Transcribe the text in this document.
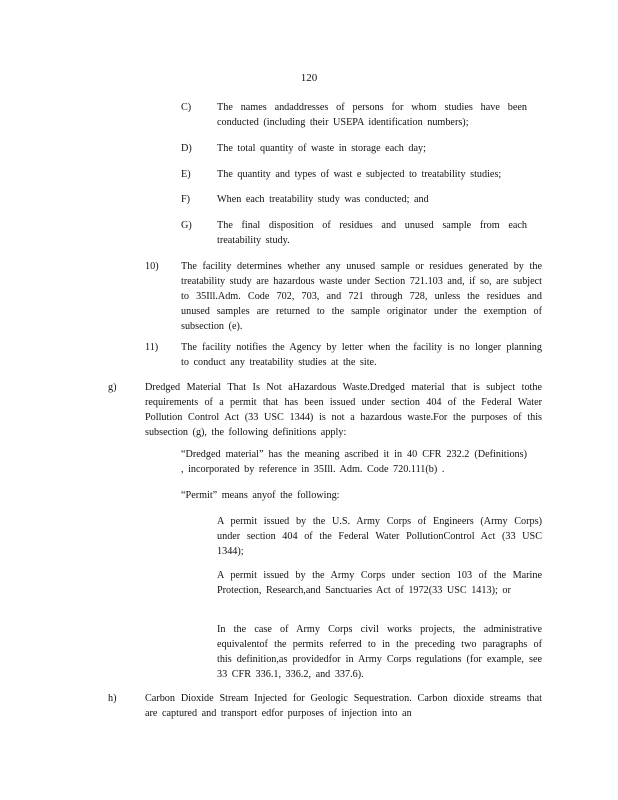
120
C)	The names andaddresses of persons for whom studies have been conducted (including their USEPA identification numbers);
D)	The total quantity of waste in storage each day;
E)	The quantity and types of wast e subjected to treatability studies;
F)	When each treatability study was conducted; and
G)	The final disposition of residues and unused sample from each treatability study.
10)	The facility determines whether any unused sample or residues generated by the treatability study are hazardous waste under Section 721.103 and, if so, are subject to 35Ill.Adm. Code 702, 703, and 721 through 728, unless the residues and unused samples are returned to the sample originator under the exemption of subsection (e).
11)	The facility notifies the Agency by letter when the facility is no longer planning to conduct any treatability studies at the site.
g)	Dredged Material That Is Not aHazardous Waste.Dredged material that is subject tothe requirements of a permit that has been issued under section 404 of the Federal Water Pollution Control Act (33 USC 1344) is not a hazardous waste.For the purposes of this subsection (g), the following definitions apply:
“Dredged material” has the meaning ascribed it in 40 CFR 232.2 (Definitions) , incorporated by reference in 35Ill. Adm. Code 720.111(b) .
“Permit” means anyof the following:
A permit issued by the U.S. Army Corps of Engineers (Army Corps) under section 404 of the Federal Water PollutionControl Act (33 USC 1344);
A permit issued by the Army Corps under section 103 of the Marine Protection, Research,and Sanctuaries Act of 1972(33 USC 1413); or
In the case of Army Corps civil works projects, the administrative equivalentof the permits referred to in the preceding two paragraphs of this definition,as providedfor in Army Corps regulations (for example, see 33 CFR 336.1, 336.2, and 337.6).
h)	Carbon Dioxide Stream Injected for Geologic Sequestration. Carbon dioxide streams that are captured and transport edfor purposes of injection into an
